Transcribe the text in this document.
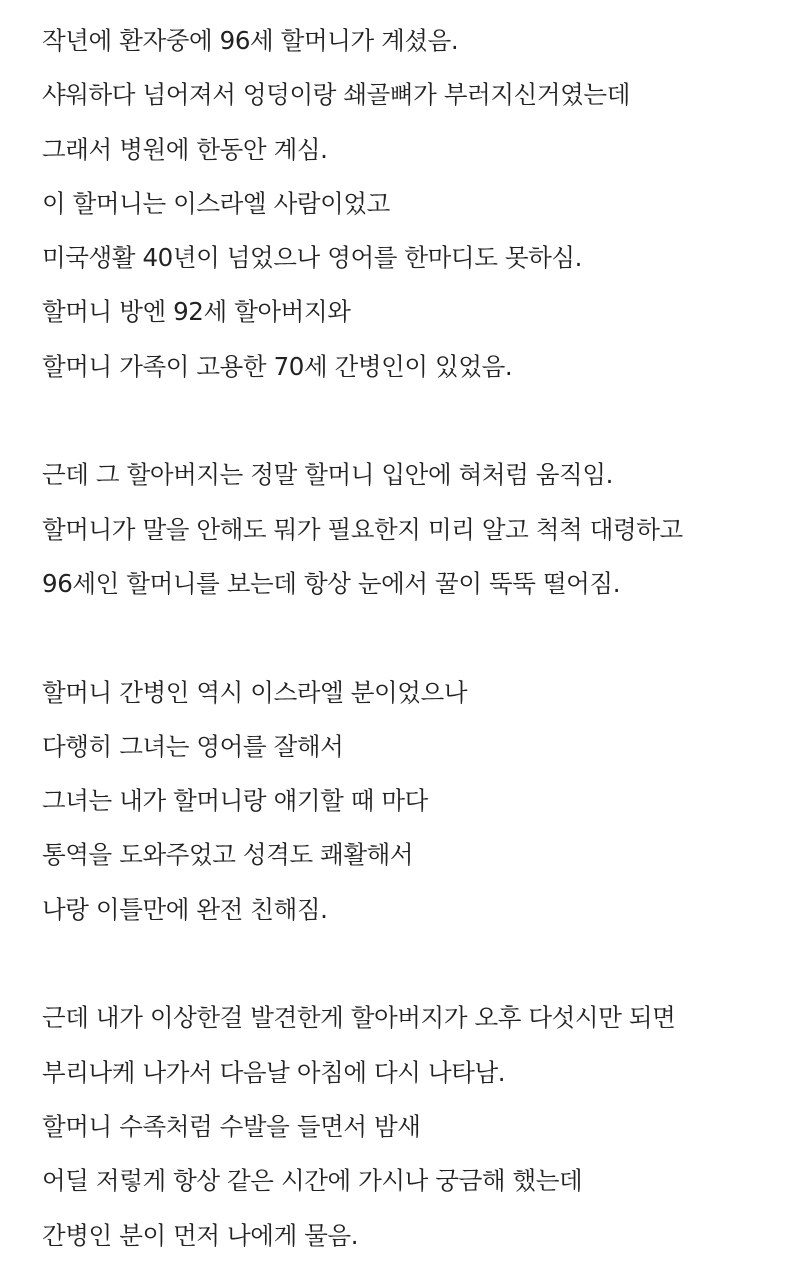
작년에 환자중에 96세 할머니가 계셨음.
샤워하다 넘어져서 엉덩이랑 쇄골뼈가 부러지신거였는데
그래서 병원에 한동안 계심.
이 할머니는 이스라엘 사람이었고
미국생활 40년이 넘었으나 영어를 한마디도 못하심.
할머니 방엔 92세 할아버지와
할머니 가족이 고용한 70세 간병인이 있었음.
근데 그 할아버지는 정말 할머니 입안에 혀처럼 움직임.
할머니가 말을 안해도 뭐가 필요한지 미리 알고 척척 대령하고
96세인 할머니를 보는데 항상 눈에서 꿀이 뚝뚝 떨어짐.
할머니 간병인 역시 이스라엘 분이었으나
다행히 그녀는 영어를 잘해서
그녀는 내가 할머니랑 얘기할 때 마다
통역을 도와주었고 성격도 쾌활해서
나랑 이틀만에 완전 친해짐.
근데 내가 이상한걸 발견한게 할아버지가 오후 다섯시만 되면
부리나케 나가서 다음날 아침에 다시 나타남.
할머니 수족처럼 수발을 들면서 밤새
어딜 저렇게 항상 같은 시간에 가시나 궁금해 했는데
간병인 분이 먼저 나에게 물음.
